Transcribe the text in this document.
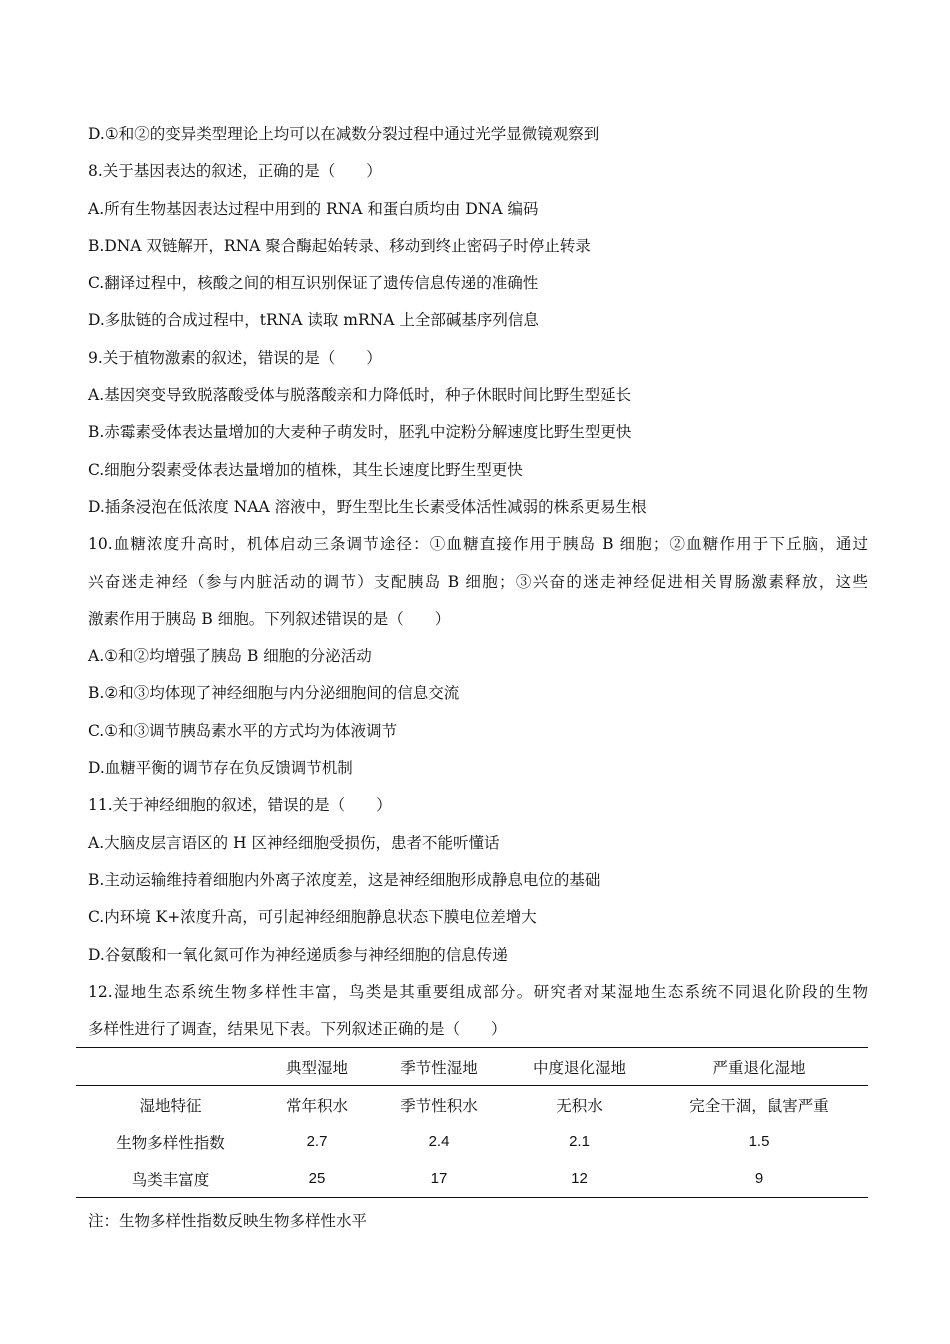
D.①和②的变异类型理论上均可以在减数分裂过程中通过光学显微镜观察到

8.关于基因表达的叙述，正确的是（　　）

A.所有生物基因表达过程中用到的 RNA 和蛋白质均由 DNA 编码

B.DNA 双链解开，RNA 聚合酶起始转录、移动到终止密码子时停止转录

C.翻译过程中，核酸之间的相互识别保证了遗传信息传递的准确性

D.多肽链的合成过程中，tRNA 读取 mRNA 上全部碱基序列信息

9.关于植物激素的叙述，错误的是（　　）

A.基因突变导致脱落酸受体与脱落酸亲和力降低时，种子休眠时间比野生型延长

B.赤霉素受体表达量增加的大麦种子萌发时，胚乳中淀粉分解速度比野生型更快

C.细胞分裂素受体表达量增加的植株，其生长速度比野生型更快

D.插条浸泡在低浓度 NAA 溶液中，野生型比生长素受体活性减弱的株系更易生根

10.血糖浓度升高时，机体启动三条调节途径：①血糖直接作用于胰岛 B 细胞；②血糖作用于下丘脑，通过

兴奋迷走神经（参与内脏活动的调节）支配胰岛 B 细胞；③兴奋的迷走神经促进相关胃肠激素释放，这些

激素作用于胰岛 B 细胞。下列叙述错误的是（　　）

A.①和②均增强了胰岛 B 细胞的分泌活动

B.②和③均体现了神经细胞与内分泌细胞间的信息交流

C.①和③调节胰岛素水平的方式均为体液调节

D.血糖平衡的调节存在负反馈调节机制

11.关于神经细胞的叙述，错误的是（　　）

A.大脑皮层言语区的 H 区神经细胞受损伤，患者不能听懂话

B.主动运输维持着细胞内外离子浓度差，这是神经细胞形成静息电位的基础

C.内环境 K+浓度升高，可引起神经细胞静息状态下膜电位差增大

D.谷氨酸和一氧化氮可作为神经递质参与神经细胞的信息传递

12.湿地生态系统生物多样性丰富，鸟类是其重要组成部分。研究者对某湿地生态系统不同退化阶段的生物

多样性进行了调查，结果见下表。下列叙述正确的是（　　）

	典型湿地	季节性湿地	中度退化湿地	严重退化湿地
湿地特征	常年积水	季节性积水	无积水	完全干涸，鼠害严重
生物多样性指数	2.7	2.4	2.1	1.5
鸟类丰富度	25	17	12	9

注：生物多样性指数反映生物多样性水平
